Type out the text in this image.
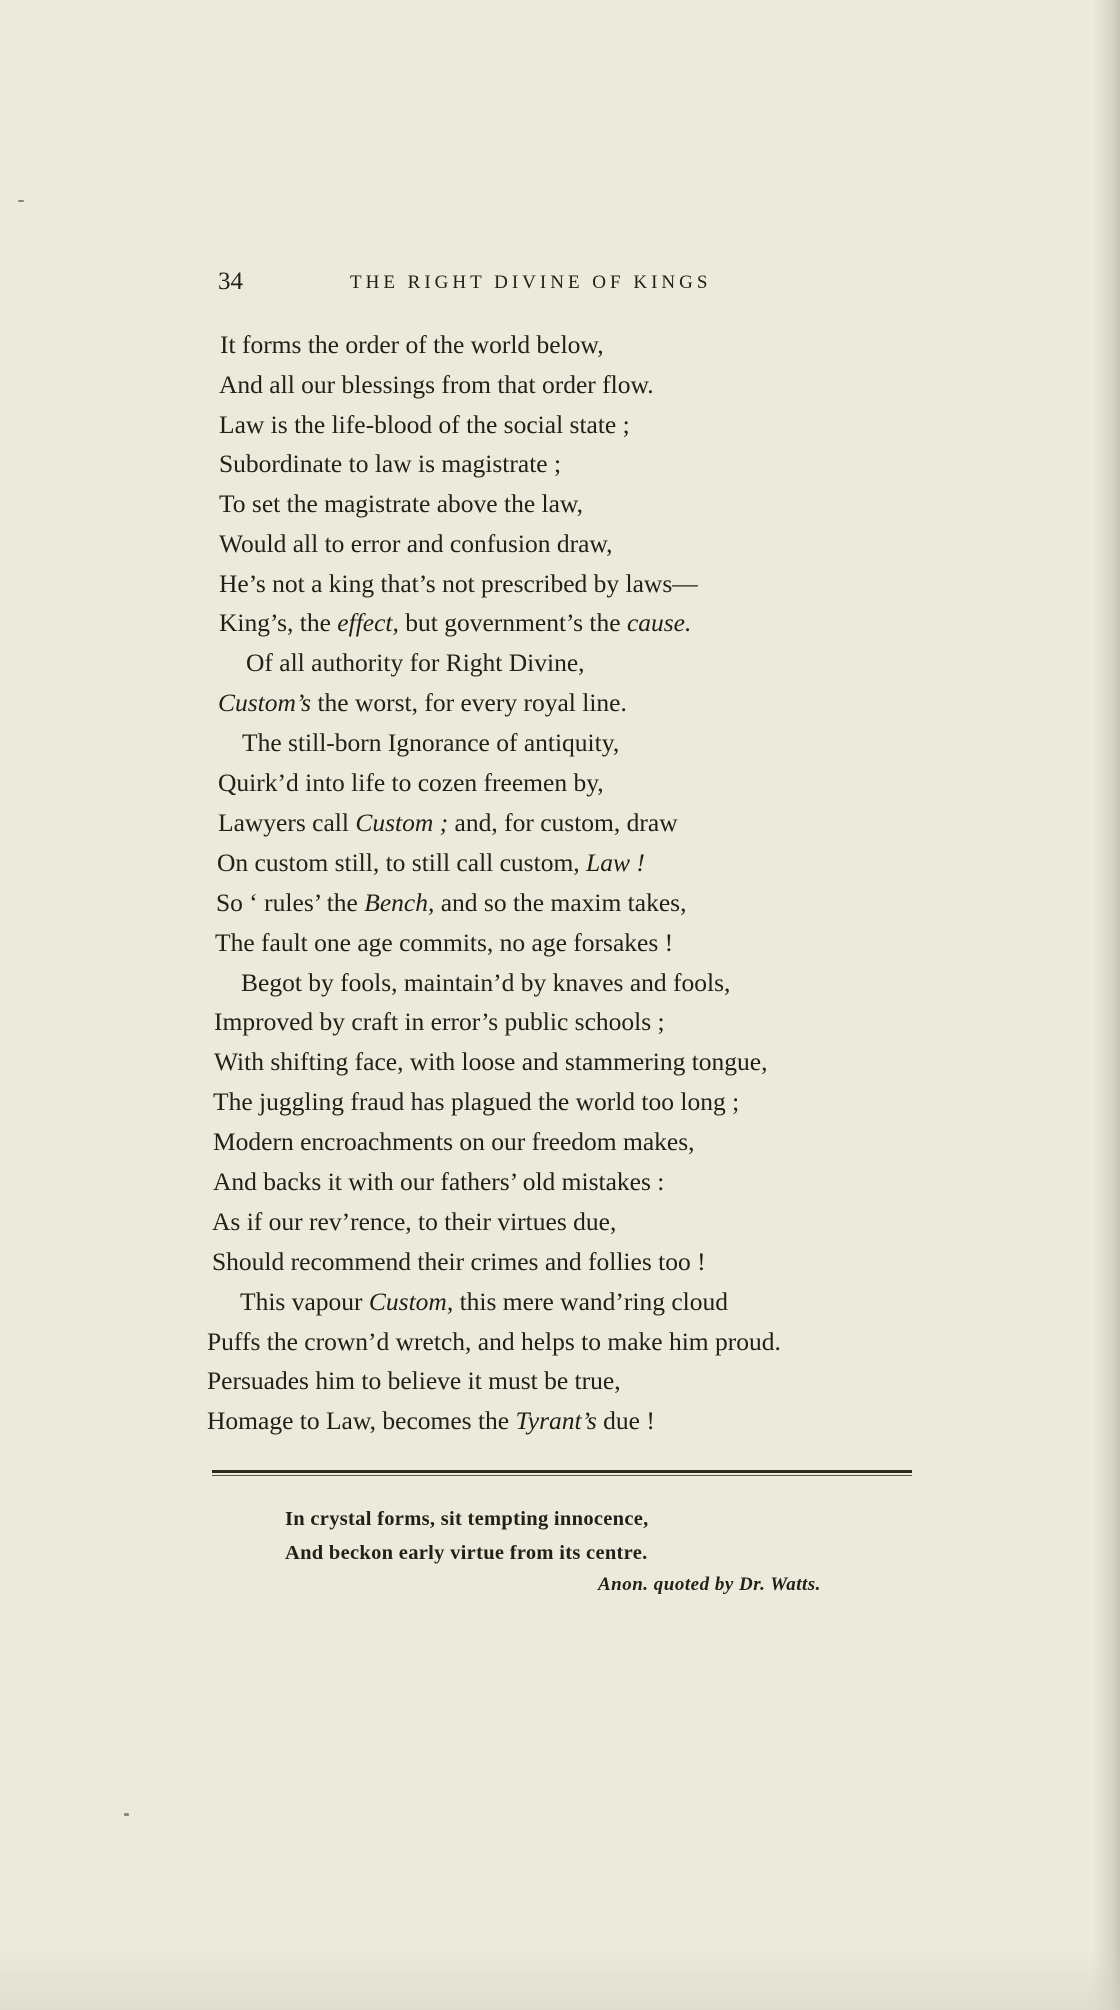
34	THE RIGHT DIVINE OF KINGS
It forms the order of the world below,
And all our blessings from that order flow.
Law is the life-blood of the social state ;
Subordinate to law is magistrate ;
To set the magistrate above the law,
Would all to error and confusion draw,
He’s not a king that’s not prescribed by laws—
King’s, the effect, but government’s the cause.
Of all authority for Right Divine,
Custom’s the worst, for every royal line.
The still-born Ignorance of antiquity,
Quirk’d into life to cozen freemen by,
Lawyers call Custom ; and, for custom, draw
On custom still, to still call custom, Law !
So ‘ rules’ the Bench, and so the maxim takes,
The fault one age commits, no age forsakes !
Begot by fools, maintain’d by knaves and fools,
Improved by craft in error’s public schools ;
With shifting face, with loose and stammering tongue,
The juggling fraud has plagued the world too long ;
Modern encroachments on our freedom makes,
And backs it with our fathers’ old mistakes :
As if our rev’rence, to their virtues due,
Should recommend their crimes and follies too !
This vapour Custom, this mere wand’ring cloud
Puffs the crown’d wretch, and helps to make him proud.
Persuades him to believe it must be true,
Homage to Law, becomes the Tyrant’s due !
In crystal forms, sit tempting innocence,
And beckon early virtue from its centre.
Anon. quoted by Dr. Watts.
